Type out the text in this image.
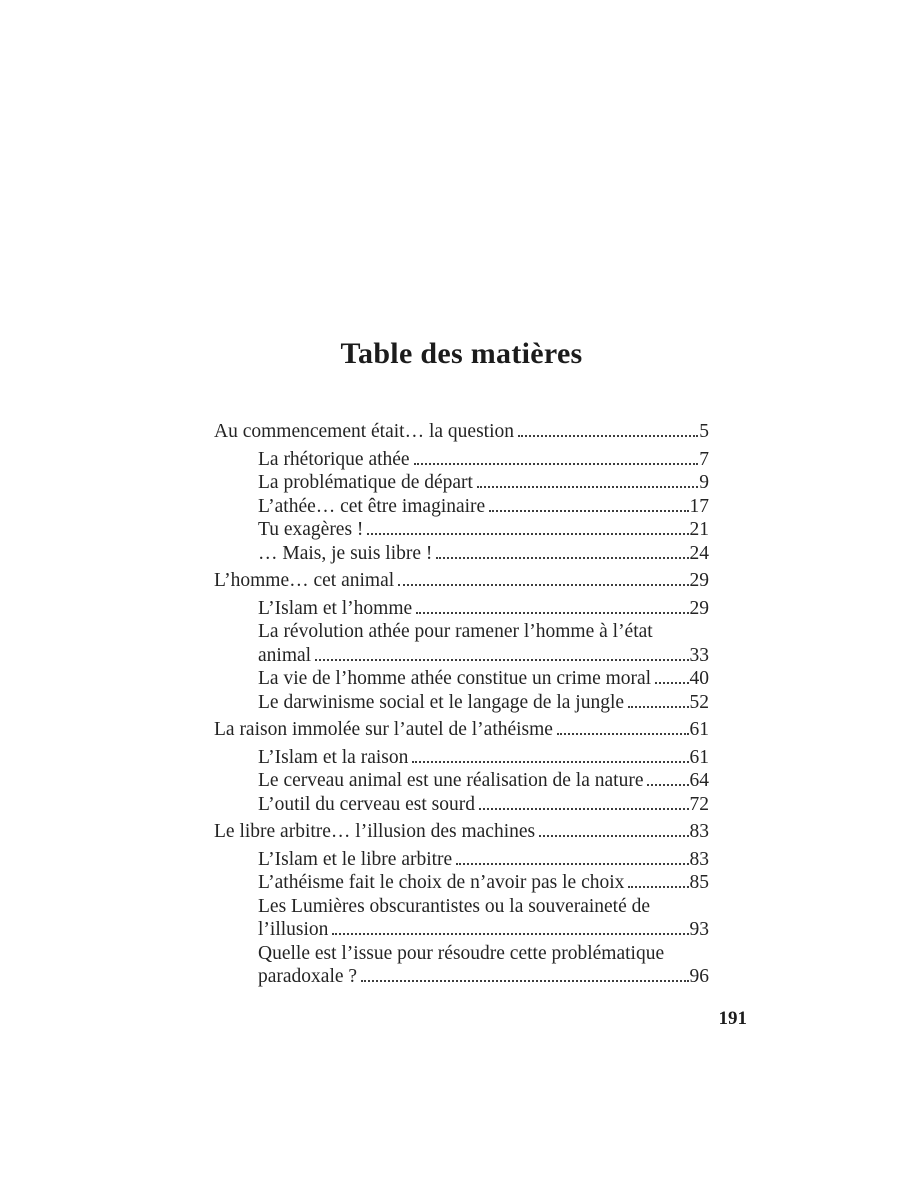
Table des matières
Au commencement était… la question	5
La rhétorique athée	7
La problématique de départ	9
L’athée… cet être imaginaire	17
Tu exagères !	21
… Mais, je suis libre !	24
L’homme… cet animal	29
L’Islam et l’homme	29
La révolution athée pour ramener l’homme à l’état
animal	33
La vie de l’homme athée constitue un crime moral 40
Le darwinisme social et le langage de la jungle	52
La raison immolée sur l’autel de l’athéisme	61
L’Islam et la raison	61
Le cerveau animal est une réalisation de la nature 64
L’outil du cerveau est sourd	72
Le libre arbitre… l’illusion des machines	83
L’Islam et le libre arbitre	83
L’athéisme fait le choix de n’avoir pas le choix	85
Les Lumières obscurantistes ou la souveraineté de
l’illusion	93
Quelle est l’issue pour résoudre cette problématique
paradoxale ?	96
191
